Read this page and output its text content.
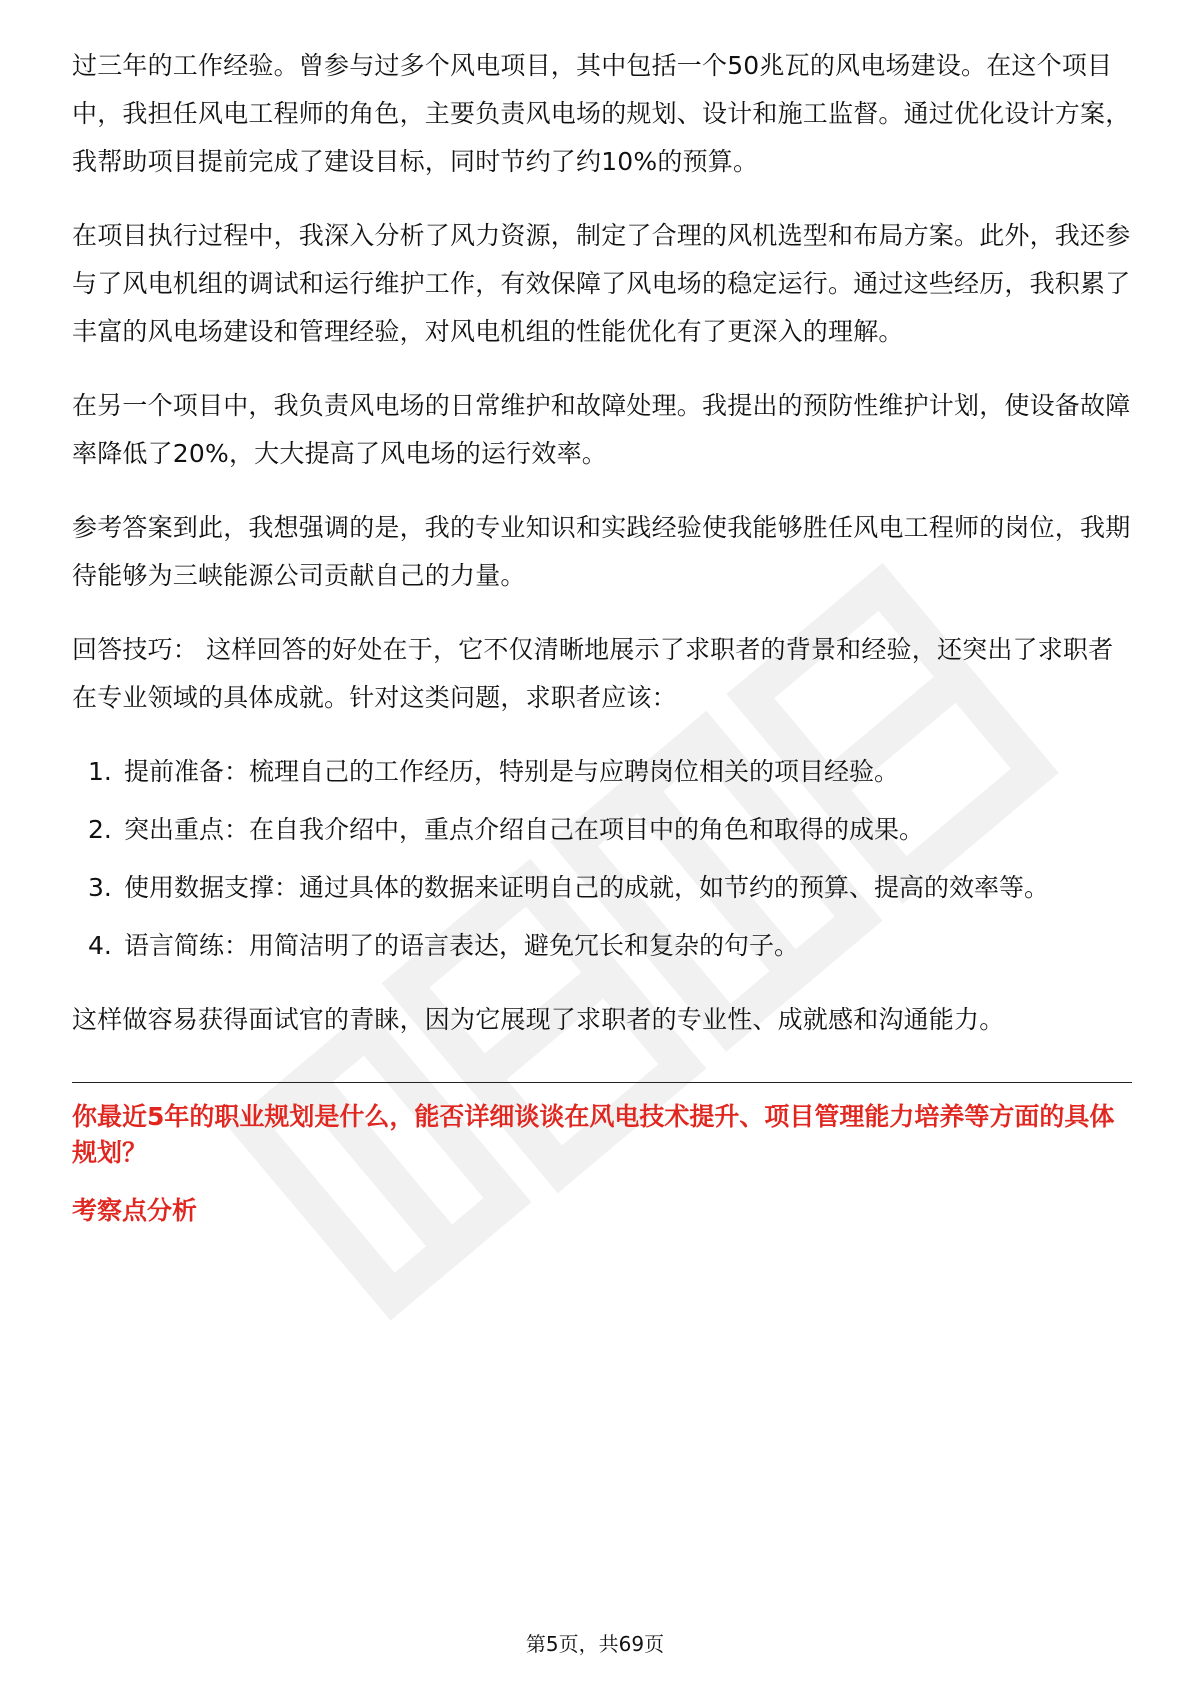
过三年的工作经验。曾参与过多个风电项目，其中包括一个50兆瓦的风电场建设。在这个项目中，我担任风电工程师的角色，主要负责风电场的规划、设计和施工监督。通过优化设计方案，我帮助项目提前完成了建设目标，同时节约了约10%的预算。

在项目执行过程中，我深入分析了风力资源，制定了合理的风机选型和布局方案。此外，我还参与了风电机组的调试和运行维护工作，有效保障了风电场的稳定运行。通过这些经历，我积累了丰富的风电场建设和管理经验，对风电机组的性能优化有了更深入的理解。

在另一个项目中，我负责风电场的日常维护和故障处理。我提出的预防性维护计划，使设备故障率降低了20%，大大提高了风电场的运行效率。

参考答案到此，我想强调的是，我的专业知识和实践经验使我能够胜任风电工程师的岗位，我期待能够为三峡能源公司贡献自己的力量。

回答技巧： 这样回答的好处在于，它不仅清晰地展示了求职者的背景和经验，还突出了求职者在专业领域的具体成就。针对这类问题，求职者应该：

1. 提前准备：梳理自己的工作经历，特别是与应聘岗位相关的项目经验。
2. 突出重点：在自我介绍中，重点介绍自己在项目中的角色和取得的成果。
3. 使用数据支撑：通过具体的数据来证明自己的成就，如节约的预算、提高的效率等。
4. 语言简练：用简洁明了的语言表达，避免冗长和复杂的句子。

这样做容易获得面试官的青睐，因为它展现了求职者的专业性、成就感和沟通能力。

你最近5年的职业规划是什么，能否详细谈谈在风电技术提升、项目管理能力培养等方面的具体规划？

考察点分析

第5页，共69页
